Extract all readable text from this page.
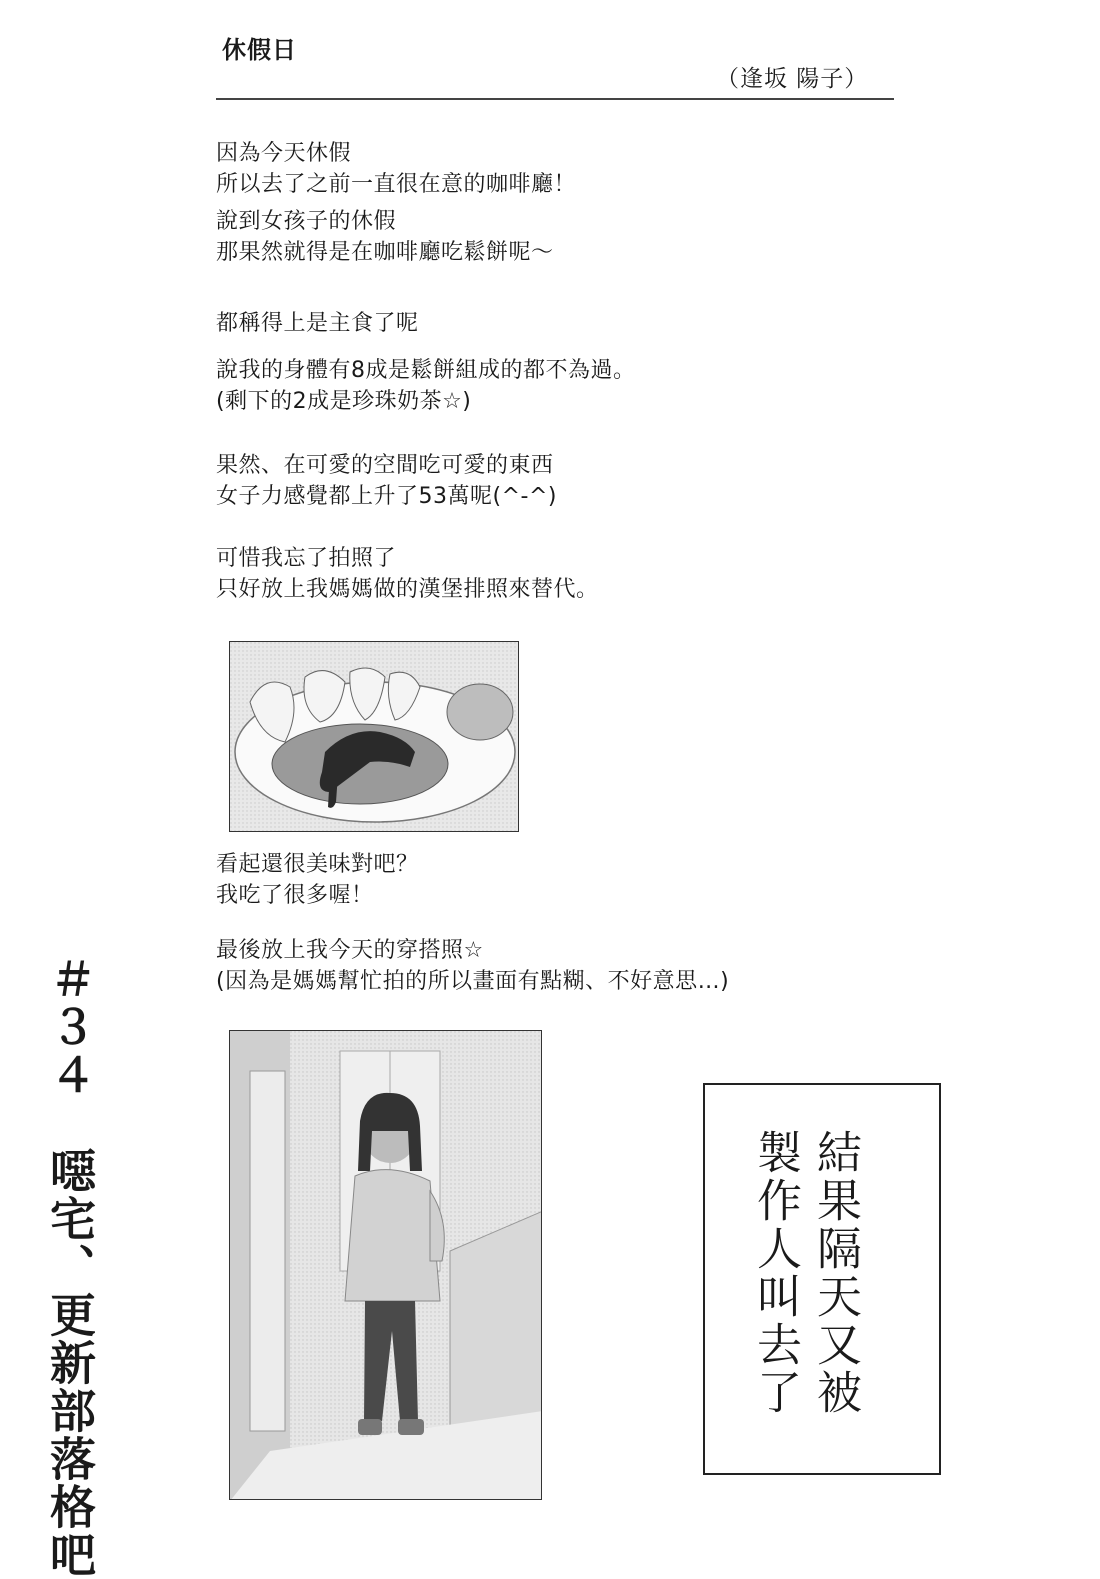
休假日
（逢坂 陽子）
因為今天休假
所以去了之前一直很在意的咖啡廳！
說到女孩子的休假
那果然就得是在咖啡廳吃鬆餅呢〜
都稱得上是主食了呢
說我的身體有8成是鬆餅組成的都不為過。
(剩下的2成是珍珠奶茶☆)
果然、在可愛的空間吃可愛的東西
女子力感覺都上升了53萬呢(^-^)
可惜我忘了拍照了
只好放上我媽媽做的漢堡排照來替代。
看起還很美味對吧？
我吃了很多喔！
最後放上我今天的穿搭照☆
(因為是媽媽幫忙拍的所以畫面有點糊、不好意思…)
＃３４　噁宅、更新部落格吧	結果隔天又被
製作人叫去了
